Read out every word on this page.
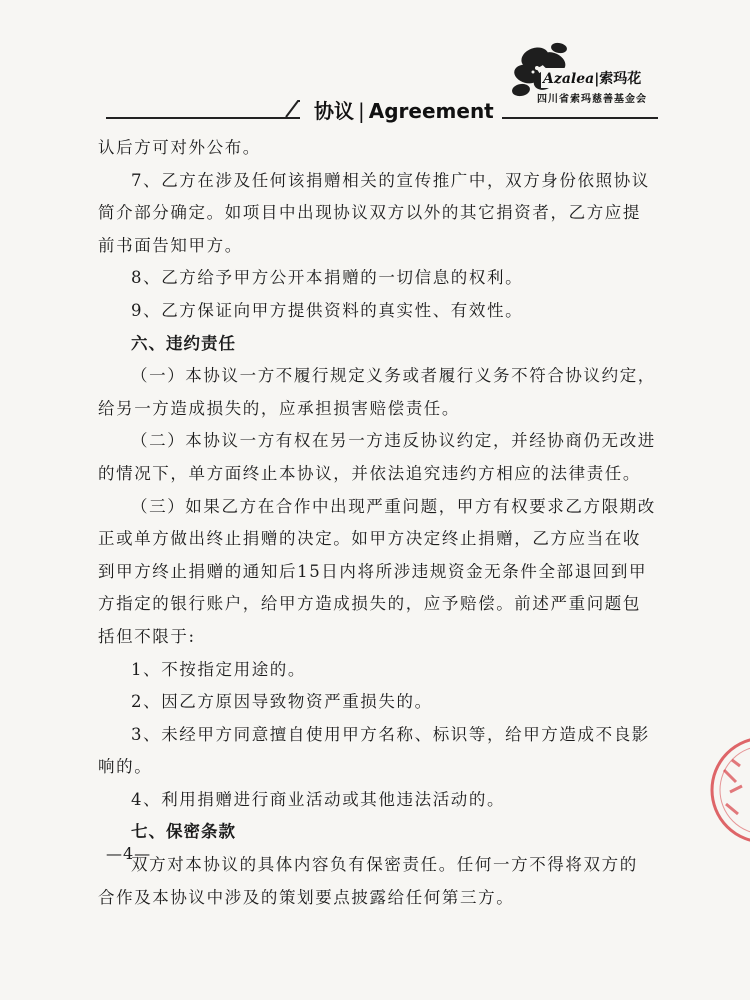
Azalea|索玛花
四川省索玛慈善基金会
协议 | Agreement
认后方可对外公布。
7、乙方在涉及任何该捐赠相关的宣传推广中，双方身份依照协议
简介部分确定。如项目中出现协议双方以外的其它捐资者，乙方应提
前书面告知甲方。
8、乙方给予甲方公开本捐赠的一切信息的权利。
9、乙方保证向甲方提供资料的真实性、有效性。
六、违约责任
（一）本协议一方不履行规定义务或者履行义务不符合协议约定，
给另一方造成损失的，应承担损害赔偿责任。
（二）本协议一方有权在另一方违反协议约定，并经协商仍无改进
的情况下，单方面终止本协议，并依法追究违约方相应的法律责任。
（三）如果乙方在合作中出现严重问题，甲方有权要求乙方限期改
正或单方做出终止捐赠的决定。如甲方决定终止捐赠，乙方应当在收
到甲方终止捐赠的通知后15日内将所涉违规资金无条件全部退回到甲
方指定的银行账户，给甲方造成损失的，应予赔偿。前述严重问题包
括但不限于:
1、不按指定用途的。
2、因乙方原因导致物资严重损失的。
3、未经甲方同意擅自使用甲方名称、标识等，给甲方造成不良影
响的。
4、利用捐赠进行商业活动或其他违法活动的。
七、保密条款
双方对本协议的具体内容负有保密责任。任何一方不得将双方的
合作及本协议中涉及的策划要点披露给任何第三方。
—4—
